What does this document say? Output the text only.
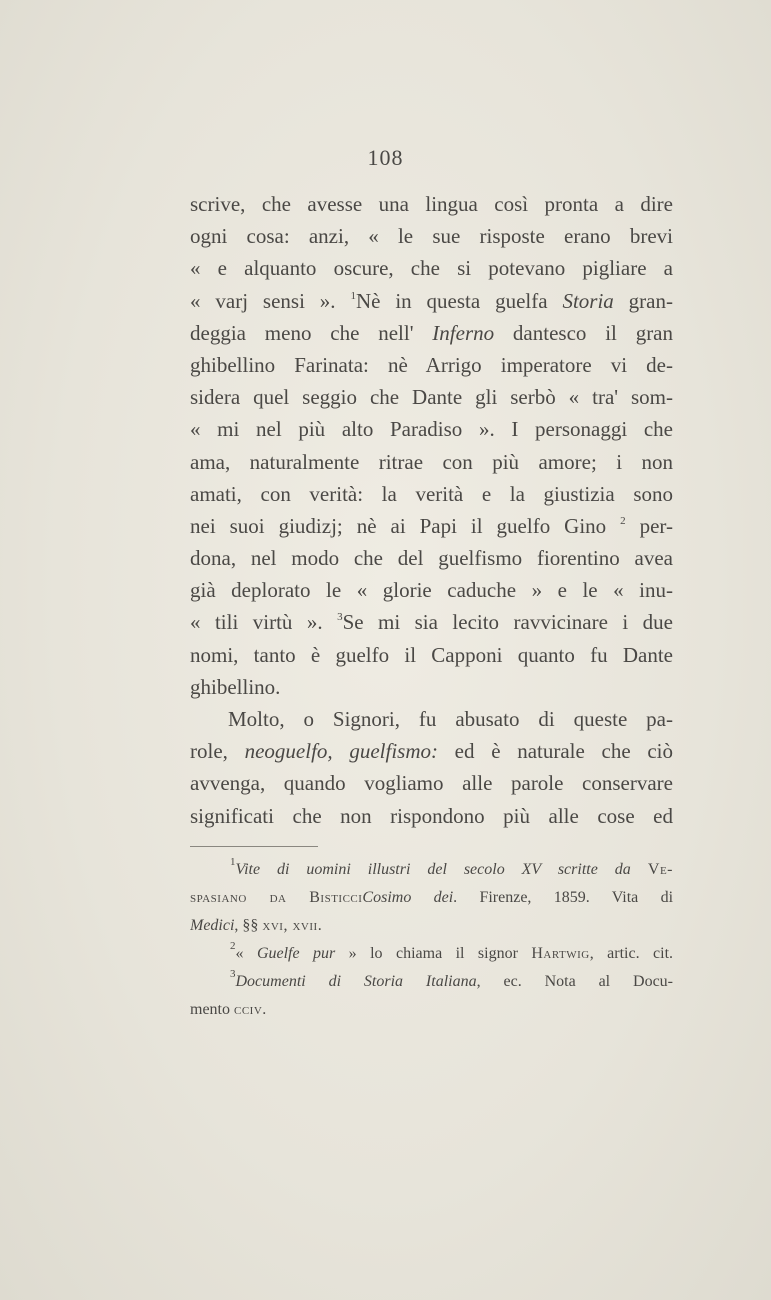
108
scrive, che avesse una lingua così pronta a dire
ogni cosa: anzi, « le sue risposte erano brevi
« e alquanto oscure, che si potevano pigliare a
« varj sensi ». $^1$Nè in questa guelfa Storia gran-
deggia meno che nell' Inferno dantesco il gran
ghibellino Farinata: nè Arrigo imperatore vi de-
sidera quel seggio che Dante gli serbò « tra' som-
« mi nel più alto Paradiso ». I personaggi che
ama, naturalmente ritrae con più amore; i non
amati, con verità: la verità e la giustizia sono
nei suoi giudizj; nè ai Papi il guelfo Gino $^2$ per-
dona, nel modo che del guelfismo fiorentino avea
già deplorato le « glorie caduche » e le « inu-
« tili virtù ». $^3$Se mi sia lecito ravvicinare i due
nomi, tanto è guelfo il Capponi quanto fu Dante
ghibellino.
Molto, o Signori, fu abusato di queste pa-
role, neoguelfo, guelfismo: ed è naturale che ciò
avvenga, quando vogliamo alle parole conservare
significati che non rispondono più alle cose ed
$^1$Vite di uomini illustri del secolo XV scritte da Ve-
spasiano da BisticciCosimo dei. Firenze, 1859. Vita di
Medici, §§ xvi, xvii.
$^2$« Guelfe pur » lo chiama il signor Hartwig, artic. cit.
$^3$Documenti di Storia Italiana, ec. Nota al Docu-
mento cciv.
